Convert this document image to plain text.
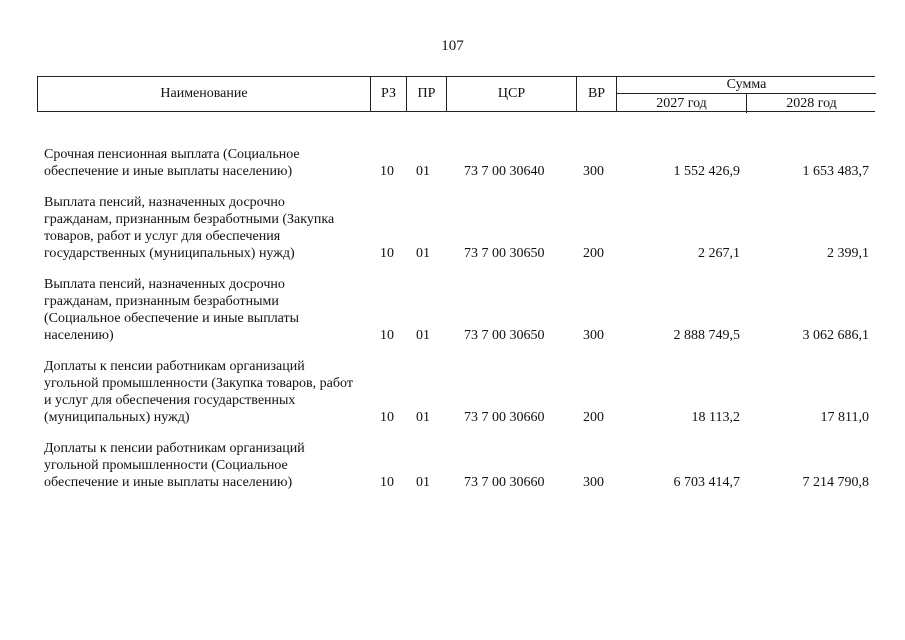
107
Наименование	РЗ	ПР	ЦСР	ВР
Сумма
2027 год	2028 год
Срочная пенсионная выплата (Социальное обеспечение и иные выплаты населению)	10	01	73 7 00 30640	300	1 552 426,9	1 653 483,7
Выплата пенсий, назначенных досрочно гражданам, признанным безработными (Закупка товаров, работ и услуг для обеспечения государственных (муниципальных) нужд)	10	01	73 7 00 30650	200	2 267,1	2 399,1
Выплата пенсий, назначенных досрочно гражданам, признанным безработными (Социальное обеспечение и иные выплаты населению)	10	01	73 7 00 30650	300	2 888 749,5	3 062 686,1
Доплаты к пенсии работникам организаций угольной промышленности (Закупка товаров, работ и услуг для обеспечения государственных (муниципальных) нужд)	10	01	73 7 00 30660	200	18 113,2	17 811,0
Доплаты к пенсии работникам организаций угольной промышленности (Социальное обеспечение и иные выплаты населению)	10	01	73 7 00 30660	300	6 703 414,7	7 214 790,8
